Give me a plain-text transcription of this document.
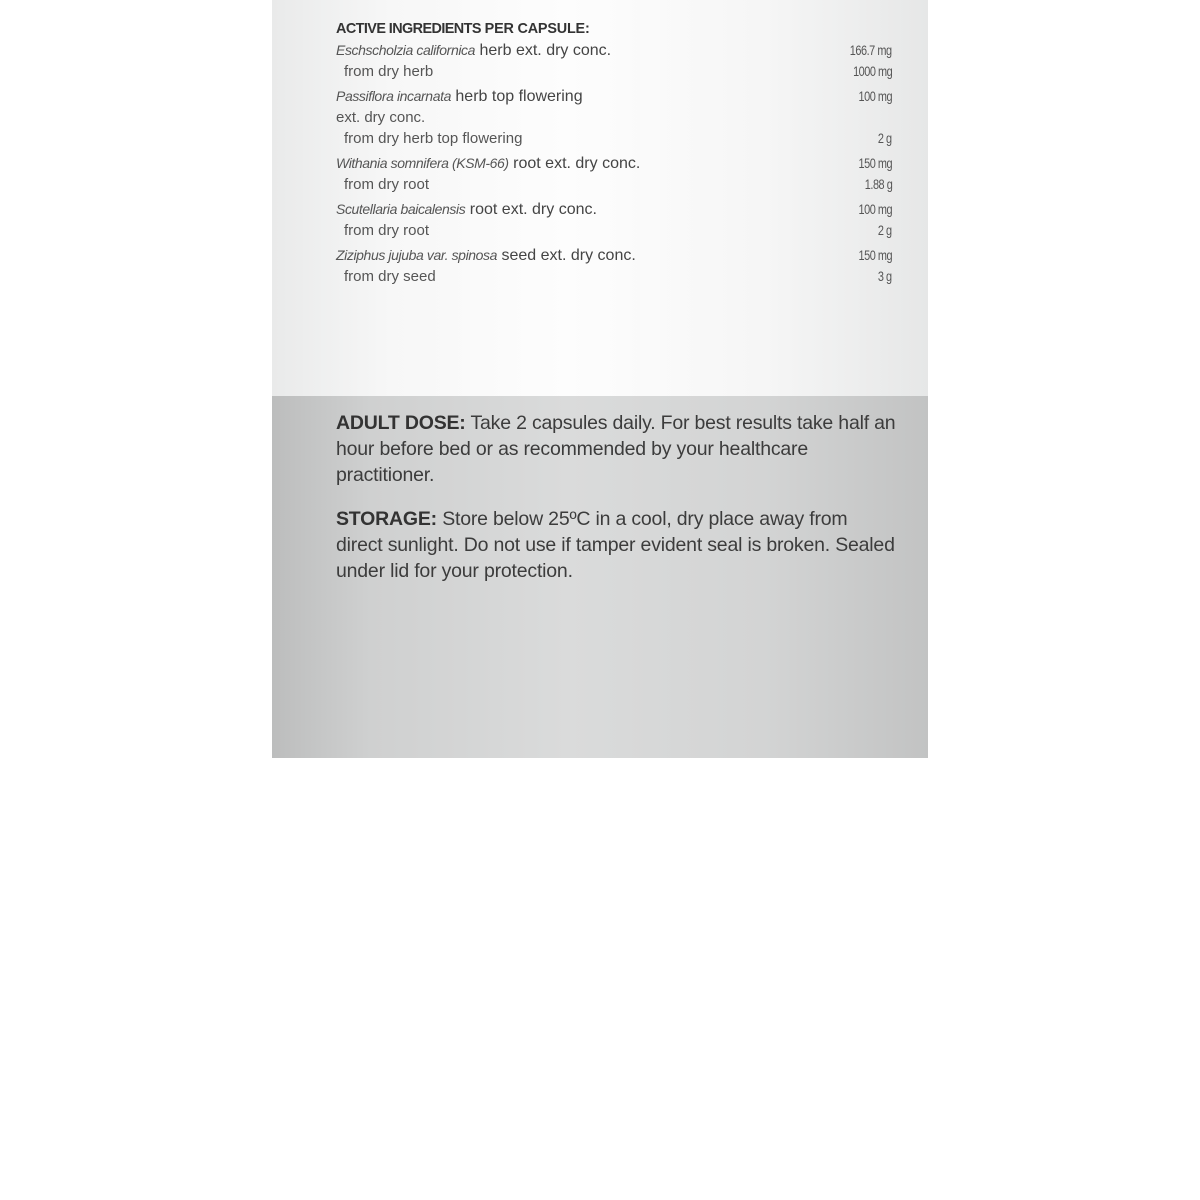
ACTIVE INGREDIENTS PER CAPSULE:
Eschscholzia californica herb ext. dry conc.	166.7 mg
from dry herb	1000 mg
Passiflora incarnata herb top flowering	100 mg
ext. dry conc.
from dry herb top flowering	2 g
Withania somnifera (KSM-66) root ext. dry conc.	150 mg
from dry root	1.88 g
Scutellaria baicalensis root ext. dry conc.	100 mg
from dry root	2 g
Ziziphus jujuba var. spinosa seed ext. dry conc.	150 mg
from dry seed	3 g
ADULT DOSE: Take 2 capsules daily. For best results take half an hour before bed or as recommended by your healthcare practitioner.
STORAGE: Store below 25ºC in a cool, dry place away from direct sunlight. Do not use if tamper evident seal is broken. Sealed under lid for your protection.
